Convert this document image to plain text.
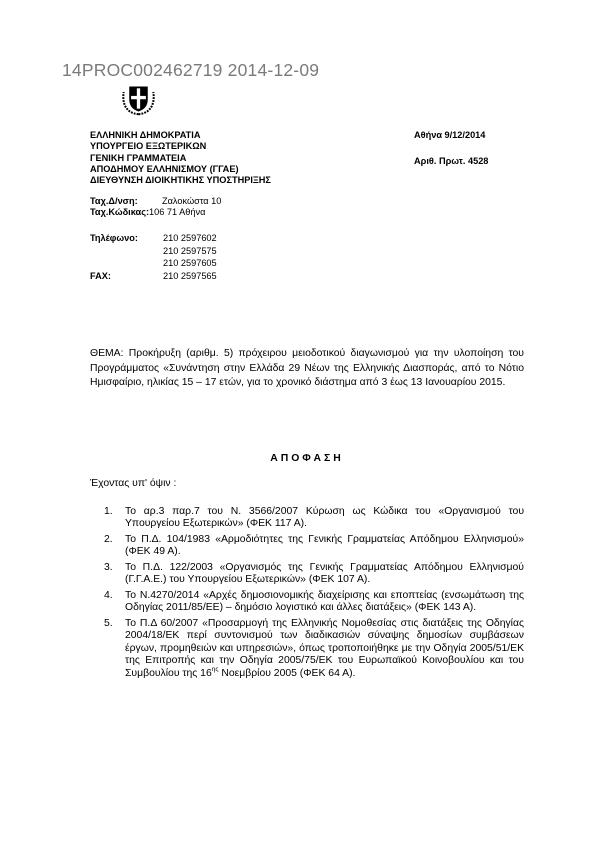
14PROC002462719 2014-12-09
ΕΛΛΗΝΙΚΗ ΔΗΜΟΚΡΑΤΙΑ
ΥΠΟΥΡΓΕΙΟ ΕΞΩΤΕΡΙΚΩΝ
ΓΕΝΙΚΗ ΓΡΑΜΜΑΤΕΙΑ
ΑΠΟΔΗΜΟΥ ΕΛΛΗΝΙΣΜΟΥ (ΓΓΑΕ)
ΔΙΕΥΘΥΝΣΗ ΔΙΟΙΚΗΤΙΚΗΣ ΥΠΟΣΤΗΡΙΞΗΣ
Αθήνα 9/12/2014
Αριθ. Πρωτ. 4528
Ταχ.Δ/νση:	Ζαλοκώστα 10
Ταχ.Κώδικας:106 71 Αθήνα
Τηλέφωνο:	210 2597602
210 2597575
210 2597605
FAX:	210 2597565
ΘΕΜΑ: Προκήρυξη (αριθμ. 5) πρόχειρου μειοδοτικού διαγωνισμού για την υλοποίηση του Προγράμματος «Συνάντηση στην Ελλάδα 29 Νέων της Ελληνικής Διασποράς, από το Νότιο Ημισφαίριο, ηλικίας 15 – 17 ετών, για το χρονικό διάστημα από 3 έως 13 Ιανουαρίου 2015.
ΑΠΟΦΑΣΗ
Έχοντας υπ' όψιν :
1. Το αρ.3 παρ.7 του Ν. 3566/2007 Κύρωση ως Κώδικα του «Οργανισμού του Υπουργείου Εξωτερικών» (ΦΕΚ 117 Α).
2. Το Π.Δ. 104/1983 «Αρμοδιότητες της Γενικής Γραμματείας Απόδημου Ελληνισμού» (ΦΕΚ 49 Α).
3. Το Π.Δ. 122/2003 «Οργανισμός της Γενικής Γραμματείας Απόδημου Ελληνισμού (Γ.Γ.Α.Ε.) του Υπουργείου Εξωτερικών» (ΦΕΚ 107 Α).
4. Το Ν.4270/2014 «Αρχές δημοσιονομικής διαχείρισης και εποπτείας (ενσωμάτωση της Οδηγίας 2011/85/ΕΕ) – δημόσιο λογιστικό και άλλες διατάξεις» (ΦΕΚ 143 Α).
5. Το Π.Δ 60/2007 «Προσαρμογή της Ελληνικής Νομοθεσίας στις διατάξεις της Οδηγίας 2004/18/ΕΚ περί συντονισμού των διαδικασιών σύναψης δημοσίων συμβάσεων έργων, προμηθειών και υπηρεσιών», όπως τροποποιήθηκε με την Οδηγία 2005/51/ΕΚ της Επιτροπής και την Οδηγία 2005/75/ΕΚ του Ευρωπαϊκού Κοινοβουλίου και του Συμβουλίου της $16^{\eta\varsigma}$ Νοεμβρίου 2005 (ΦΕΚ 64 Α).
